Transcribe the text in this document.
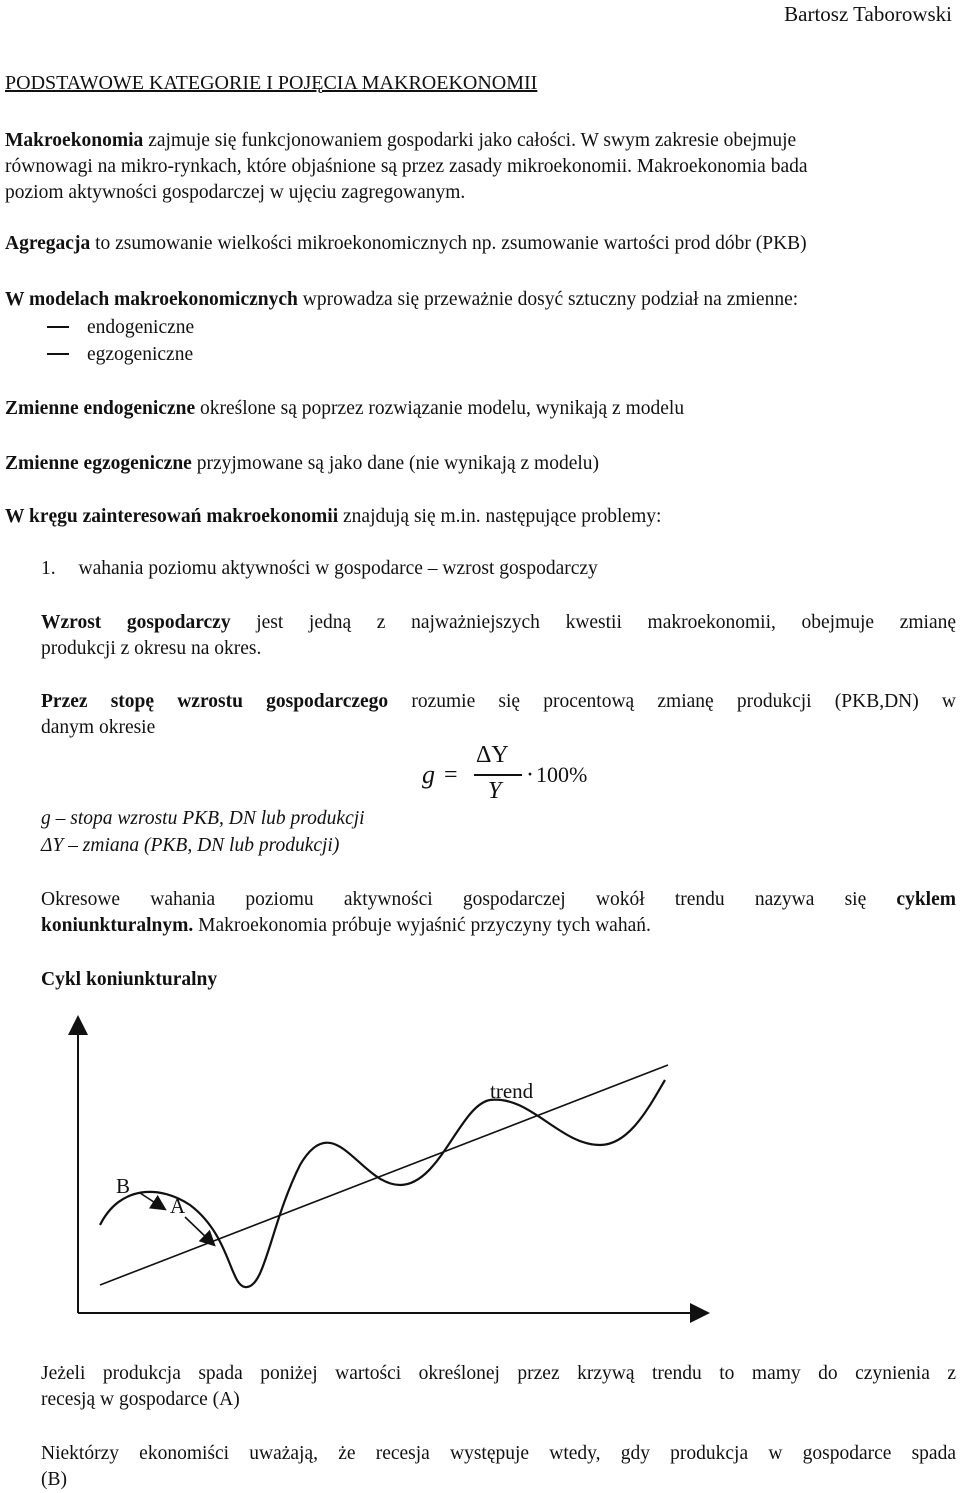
Bartosz Taborowski
PODSTAWOWE KATEGORIE I POJĘCIA MAKROEKONOMII

Makroekonomia zajmuje się funkcjonowaniem gospodarki jako całości. W swym zakresie obejmuje
równowagi na mikro-rynkach, które objaśnione są przez zasady mikroekonomii. Makroekonomia bada
poziom aktywności gospodarczej w ujęciu zagregowanym.

Agregacja to zsumowanie wielkości mikroekonomicznych np. zsumowanie wartości prod dóbr (PKB)

W modelach makroekonomicznych wprowadza się przeważnie dosyć sztuczny podział na zmienne:

endogeniczne
egzogeniczne

Zmienne endogeniczne określone są poprzez rozwiązanie modelu, wynikają z modelu

Zmienne egzogeniczne przyjmowane są jako dane (nie wynikają z modelu)

W kręgu zainteresowań makroekonomii znajdują się m.in. następujące problemy:

1. wahania poziomu aktywności w gospodarce – wzrost gospodarczy

Wzrost gospodarczy jest jedną z najważniejszych kwestii makroekonomii, obejmuje zmianę
produkcji z okresu na okres.

Przez stopę wzrostu gospodarczego rozumie się procentową zmianę produkcji (PKB,DN) w
danym okresie

g =
ΔY
Y
· 100%

g – stopa wzrostu PKB, DN lub produkcji

ΔY – zmiana (PKB, DN lub produkcji)

Okresowe wahania poziomu aktywności gospodarczej wokół trendu nazywa się cyklem
koniunkturalnym. Makroekonomia próbuje wyjaśnić przyczyny tych wahań.

Cykl koniunkturalny

trend
B
A

Jeżeli produkcja spada poniżej wartości określonej przez krzywą trendu to mamy do czynienia z
recesją w gospodarce (A)

Niektórzy ekonomiści uważają, że recesja występuje wtedy, gdy produkcja w gospodarce spada
(B)
